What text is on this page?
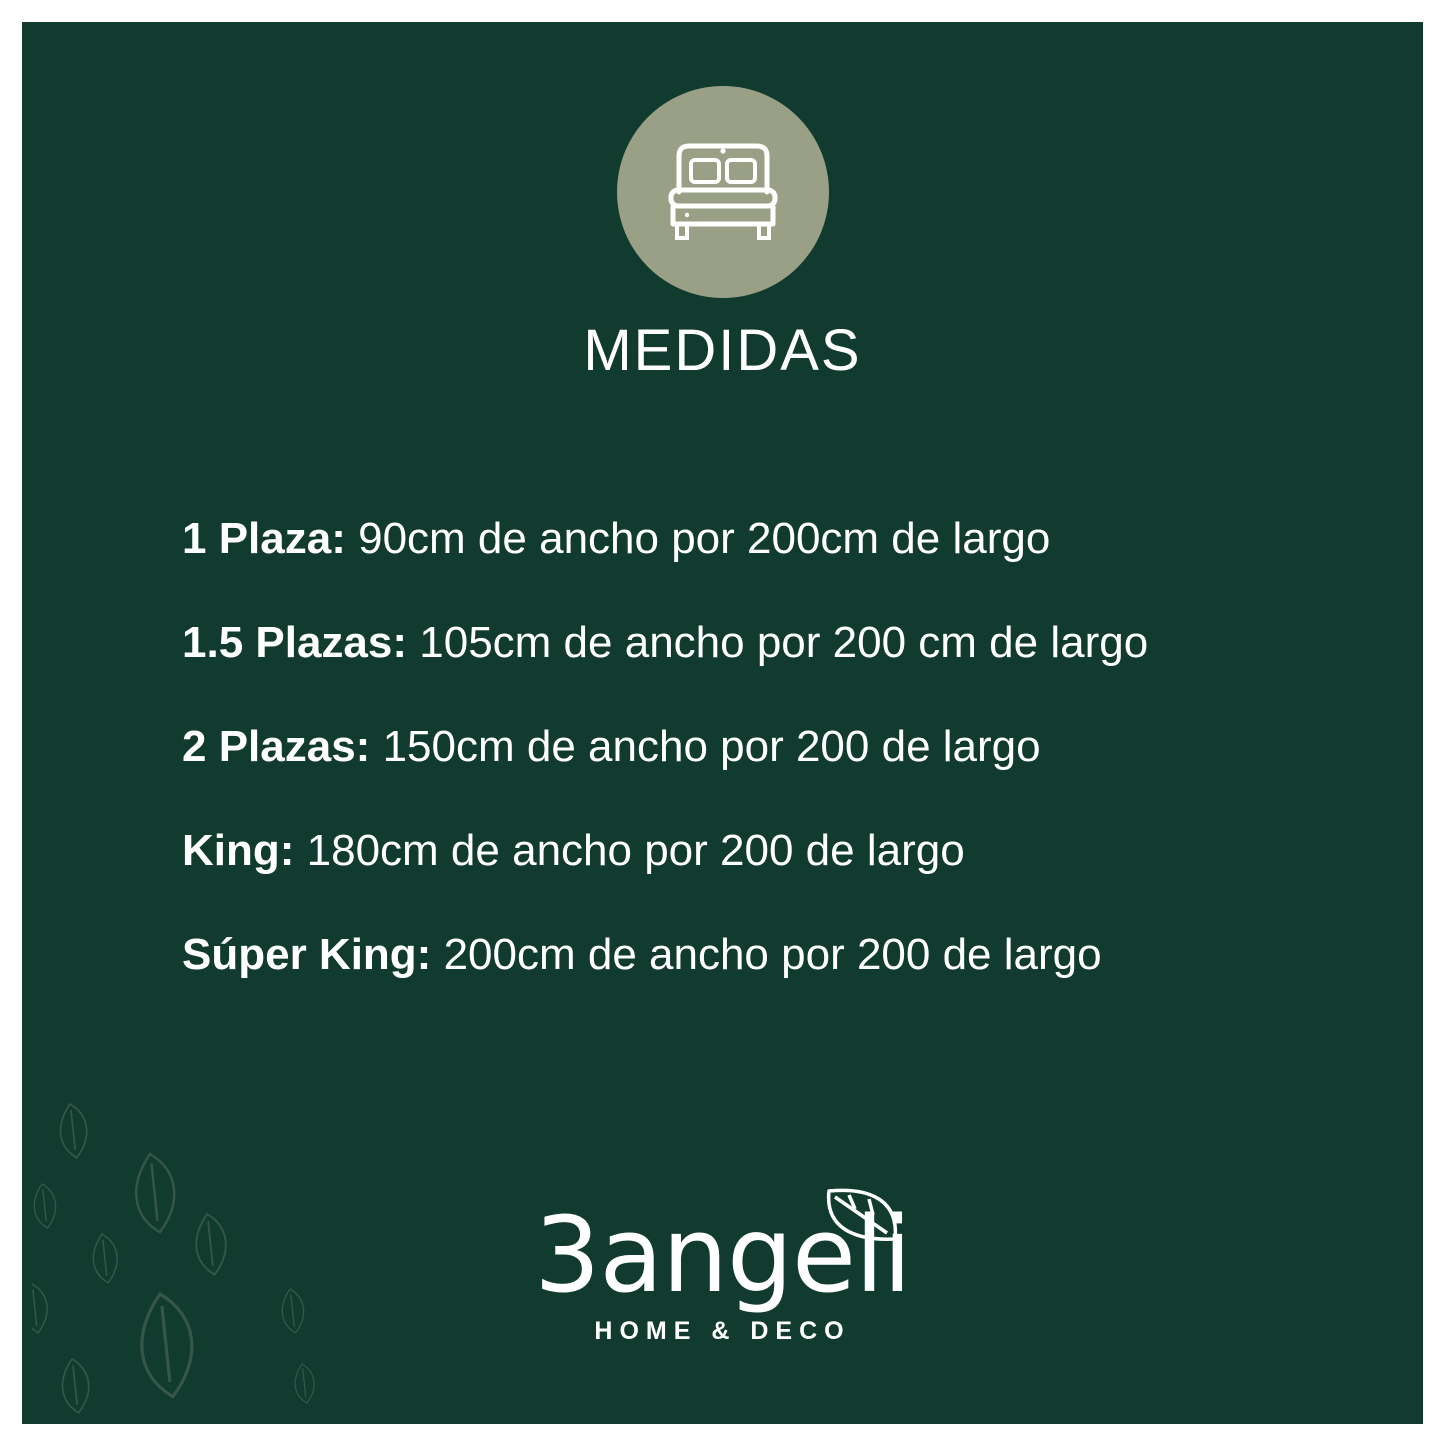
MEDIDAS
1 Plaza: 90cm de ancho por 200cm de largo
1.5 Plazas: 105cm de ancho por 200 cm de largo
2 Plazas: 150cm de ancho por 200 de largo
King: 180cm de ancho por 200 de largo
Súper King: 200cm de ancho por 200 de largo
3angeli
HOME & DECO
